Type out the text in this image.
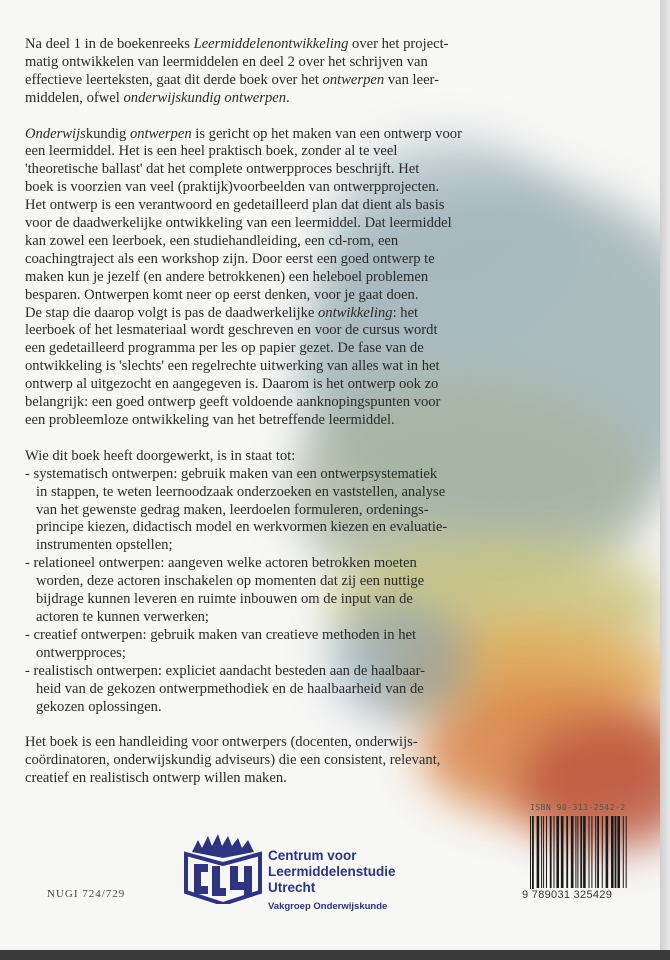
Na deel 1 in de boekenreeks Leermiddelenontwikkeling over het project-
matig ontwikkelen van leermiddelen en deel 2 over het schrijven van
effectieve leerteksten, gaat dit derde boek over het ontwerpen van leer-
middelen, ofwel onderwijskundig ontwerpen.
Onderwijskundig ontwerpen is gericht op het maken van een ontwerp voor
een leermiddel. Het is een heel praktisch boek, zonder al te veel
'theoretische ballast' dat het complete ontwerpproces beschrijft. Het
boek is voorzien van veel (praktijk)voorbeelden van ontwerpprojecten.
Het ontwerp is een verantwoord en gedetailleerd plan dat dient als basis
voor de daadwerkelijke ontwikkeling van een leermiddel. Dat leermiddel
kan zowel een leerboek, een studiehandleiding, een cd-rom, een
coachingtraject als een workshop zijn. Door eerst een goed ontwerp te
maken kun je jezelf (en andere betrokkenen) een heleboel problemen
besparen. Ontwerpen komt neer op eerst denken, voor je gaat doen.
De stap die daarop volgt is pas de daadwerkelijke ontwikkeling: het
leerboek of het lesmateriaal wordt geschreven en voor de cursus wordt
een gedetailleerd programma per les op papier gezet. De fase van de
ontwikkeling is 'slechts' een regelrechte uitwerking van alles wat in het
ontwerp al uitgezocht en aangegeven is. Daarom is het ontwerp ook zo
belangrijk: een goed ontwerp geeft voldoende aanknopingspunten voor
een probleemloze ontwikkeling van het betreffende leermiddel.
Wie dit boek heeft doorgewerkt, is in staat tot:
- systematisch ontwerpen: gebruik maken van een ontwerpsystematiek
in stappen, te weten leernoodzaak onderzoeken en vaststellen, analyse
van het gewenste gedrag maken, leerdoelen formuleren, ordenings-
principe kiezen, didactisch model en werkvormen kiezen en evaluatie-
instrumenten opstellen;
- relationeel ontwerpen: aangeven welke actoren betrokken moeten
worden, deze actoren inschakelen op momenten dat zij een nuttige
bijdrage kunnen leveren en ruimte inbouwen om de input van de
actoren te kunnen verwerken;
- creatief ontwerpen: gebruik maken van creatieve methoden in het
ontwerpproces;
- realistisch ontwerpen: expliciet aandacht besteden aan de haalbaar-
heid van de gekozen ontwerpmethodiek en de haalbaarheid van de
gekozen oplossingen.
Het boek is een handleiding voor ontwerpers (docenten, onderwijs-
coördinatoren, onderwijskundig adviseurs) die een consistent, relevant,
creatief en realistisch ontwerp willen maken.
NUGI 724/729
Centrum voor
Leermiddelenstudie
Utrecht
Vakgroep Onderwijskunde
ISBN 90-313-2542-2
9 789031 325429
